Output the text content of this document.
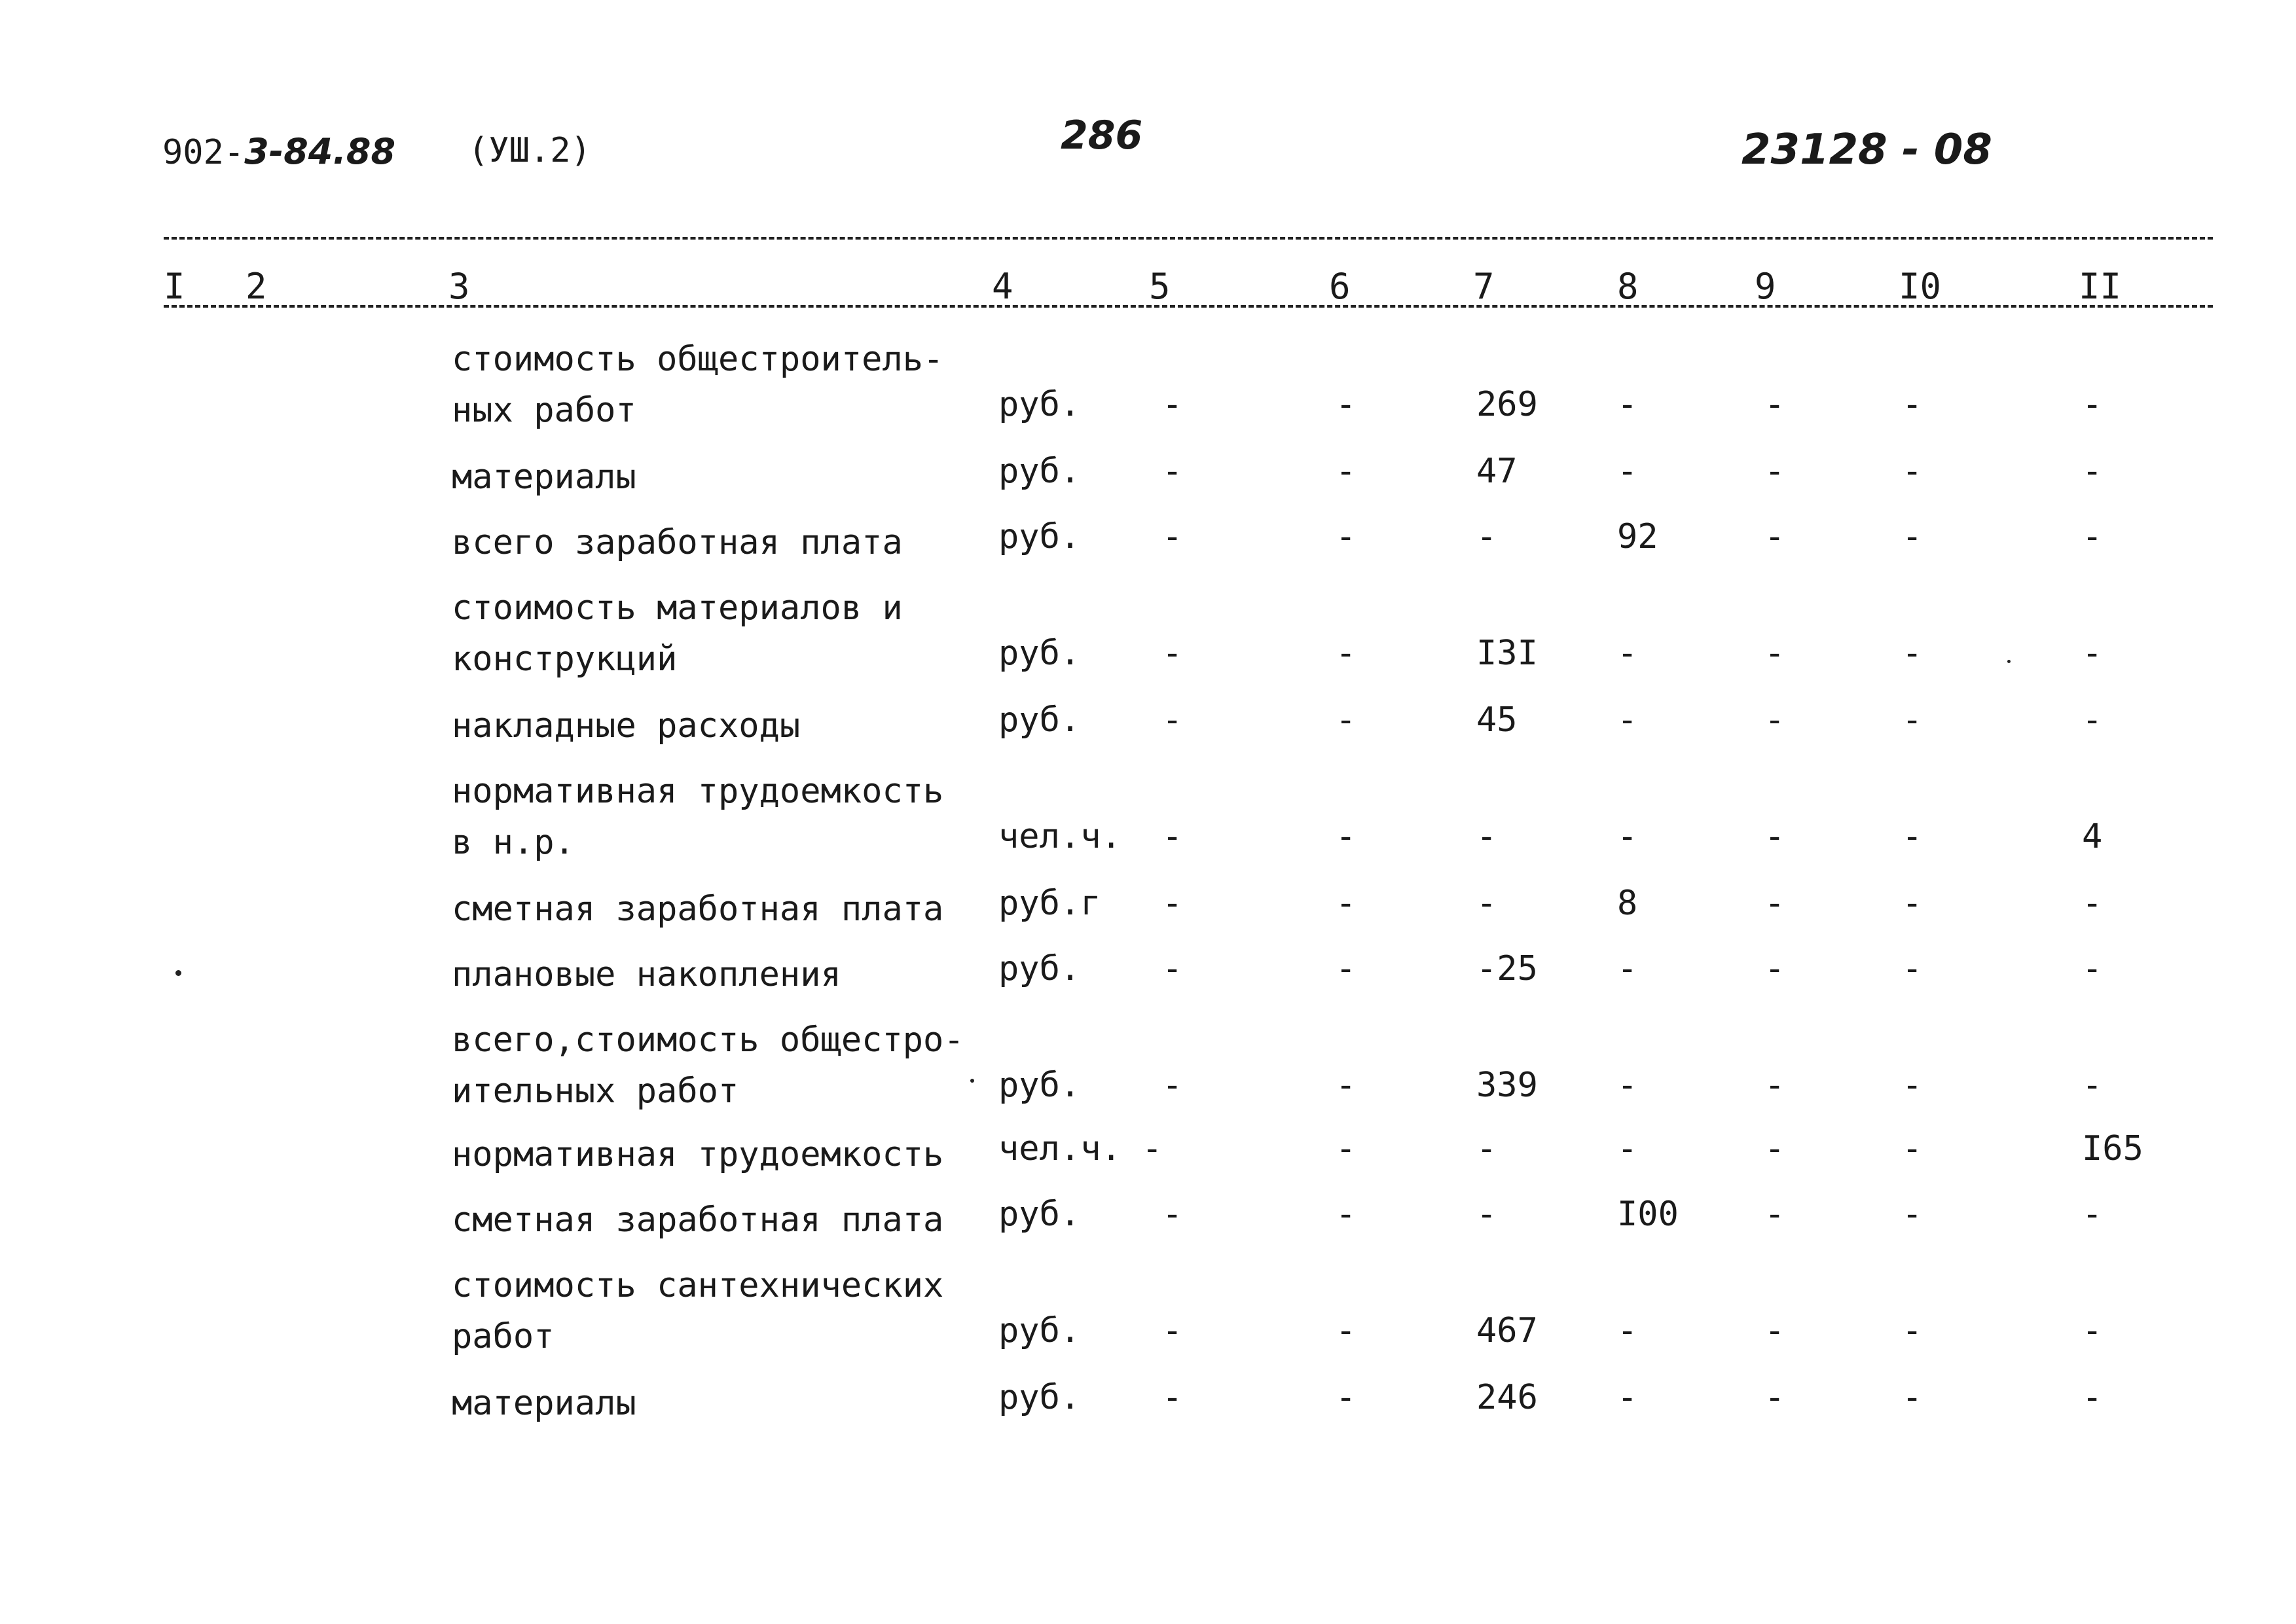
902-3-84.88 (УШ.2)	286	23128 - 08
I 2	3	4	5	6	7	8	9	I0	II
стоимость общестроитель-
ных работ	руб. -	-	269 -	-	-	-
материалы	руб. -	-	47	-	-	-	-
всего заработная плата	руб. -	-	-	92	-	-	-
стоимость материалов и
конструкций	руб. -	-	I3I -	-	-	-
накладные расходы	руб. -	-	45	-	-	-	-
нормативная трудоемкость
в н.р.	чел.ч. -	-	-	-	-	-	4
сметная заработная плата руб.г -	-	-	8	-	-	-
плановые накопления	руб. -	-	-25 -	-	-	-
всего,стоимость общестро-
ительных работ	руб. -	-	339 -	-	-	-
нормативная трудоемкость чел.ч. -	-	-	-	-	-	I65
сметная заработная плата руб. -	-	-	I00	-	-	-
стоимость сантехнических
работ	руб. -	-	467 -	-	-	-
материалы	руб. -	-	246 -	-	-	-
